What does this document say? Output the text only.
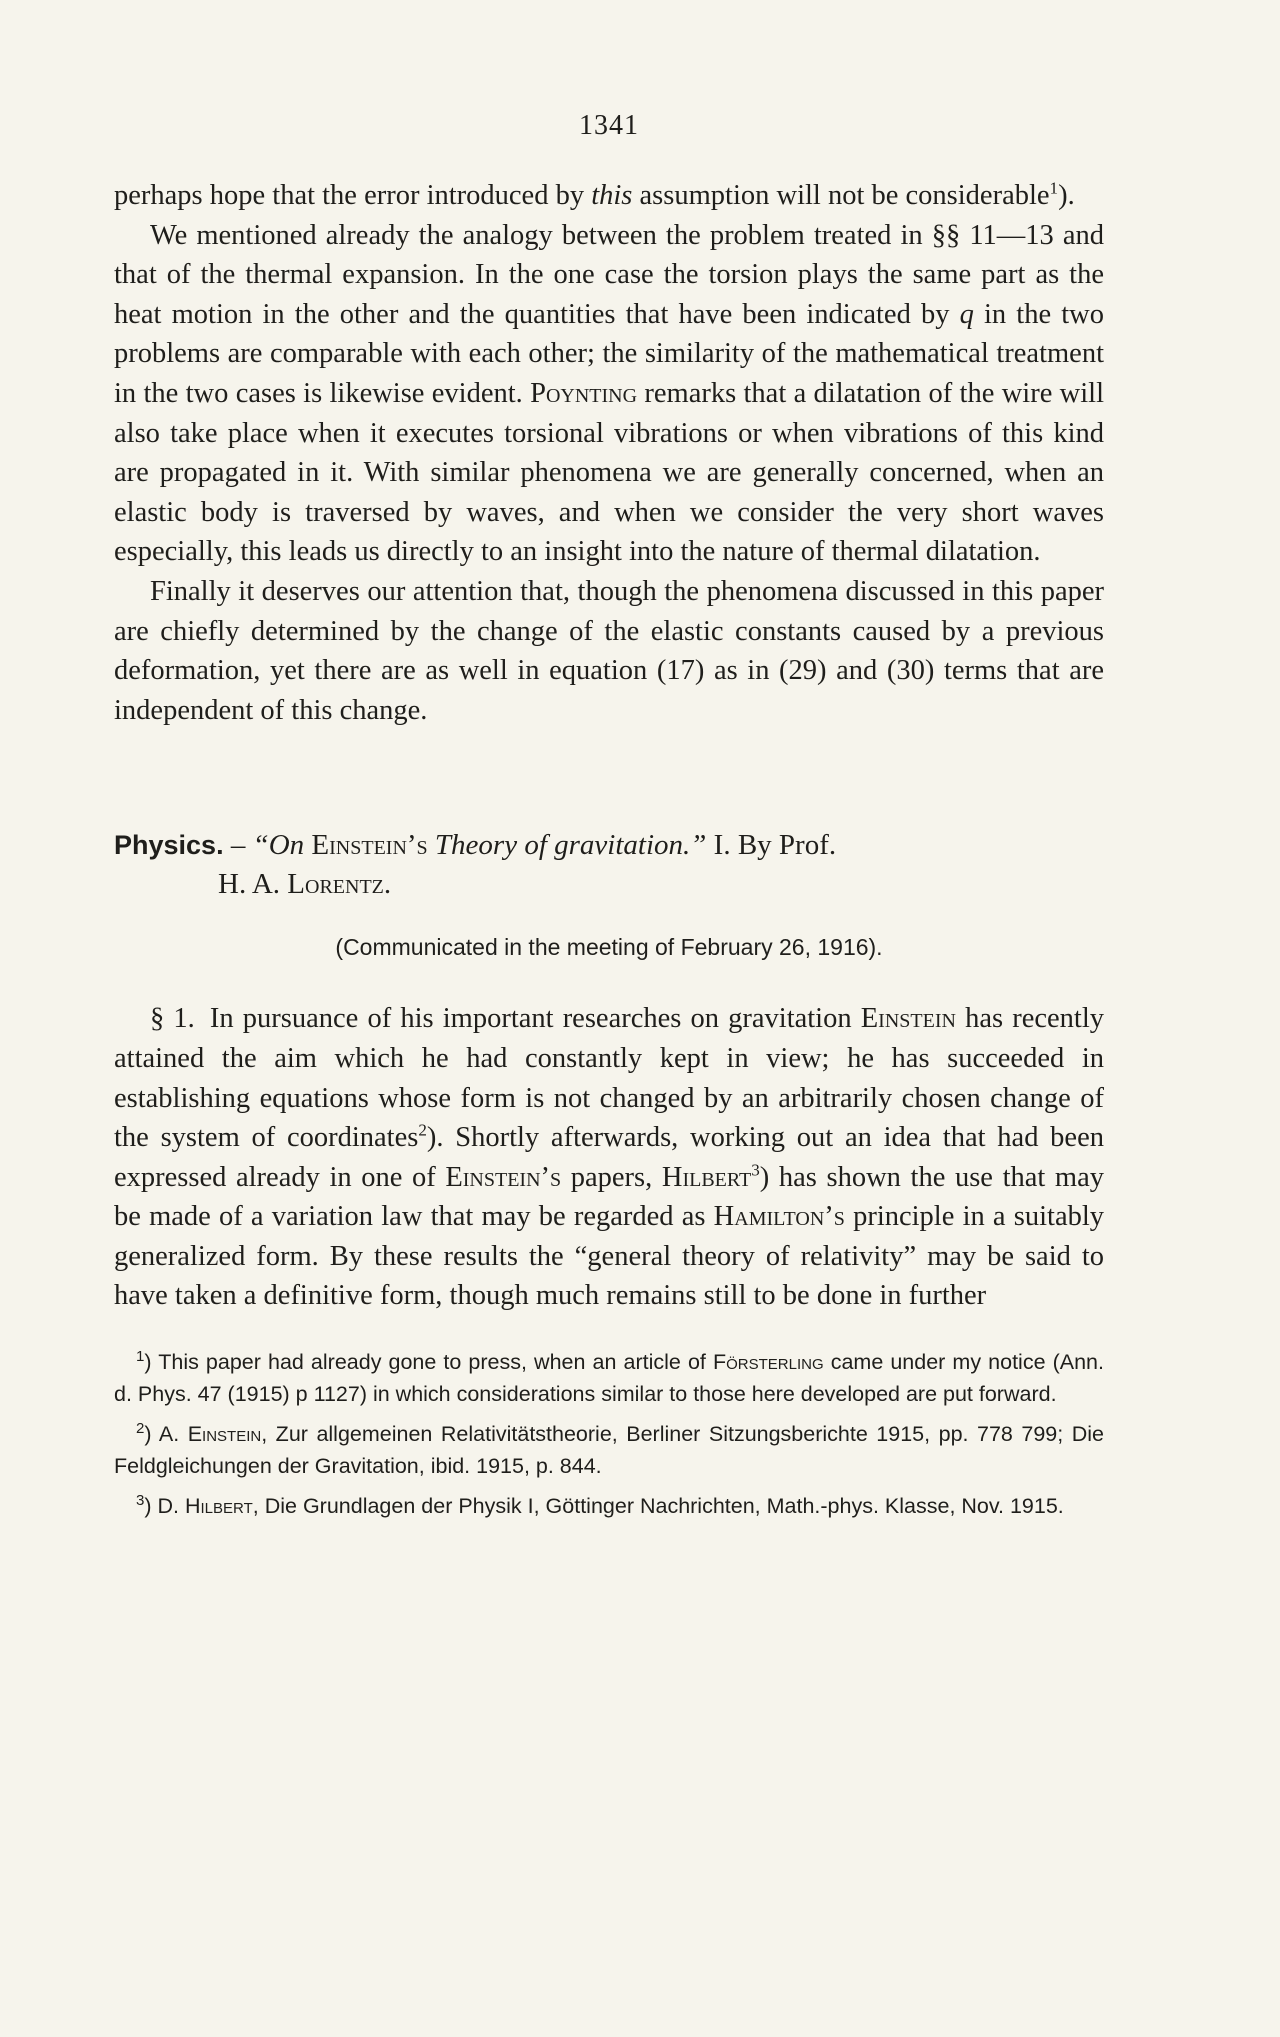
1341

perhaps hope that the error introduced by this assumption will not be considerable$^1$).

We mentioned already the analogy between the problem treated in §§ 11—13 and that of the thermal expansion. In the one case the torsion plays the same part as the heat motion in the other and the quantities that have been indicated by q in the two problems are comparable with each other; the similarity of the mathematical treatment in the two cases is likewise evident. Poynting remarks that a dilatation of the wire will also take place when it executes torsional vibrations or when vibrations of this kind are propagated in it. With similar phenomena we are generally concerned, when an elastic body is traversed by waves, and when we consider the very short waves especially, this leads us directly to an insight into the nature of thermal dilatation.

Finally it deserves our attention that, though the phenomena discussed in this paper are chiefly determined by the change of the elastic constants caused by a previous deformation, yet there are as well in equation (17) as in (29) and (30) terms that are independent of this change.

Physics. – “On Einstein’s Theory of gravitation.” I. By Prof.
H. A. Lorentz.
(Communicated in the meeting of February 26, 1916).

§ 1. In pursuance of his important researches on gravitation Einstein has recently attained the aim which he had constantly kept in view; he has succeeded in establishing equations whose form is not changed by an arbitrarily chosen change of the system of coordinates$^2$). Shortly afterwards, working out an idea that had been expressed already in one of Einstein’s papers, Hilbert$^3$) has shown the use that may be made of a variation law that may be regarded as Hamilton’s principle in a suitably generalized form. By these results the “general theory of relativity” may be said to have taken a definitive form, though much remains still to be done in further

$^1$) This paper had already gone to press, when an article of Försterling came under my notice (Ann. d. Phys. 47 (1915) p 1127) in which considerations similar to those here developed are put forward.

$^2$) A. Einstein, Zur allgemeinen Relativitätstheorie, Berliner Sitzungsberichte 1915, pp. 778 799; Die Feldgleichungen der Gravitation, ibid. 1915, p. 844.

$^3$) D. Hilbert, Die Grundlagen der Physik I, Göttinger Nachrichten, Math.-phys. Klasse, Nov. 1915.
